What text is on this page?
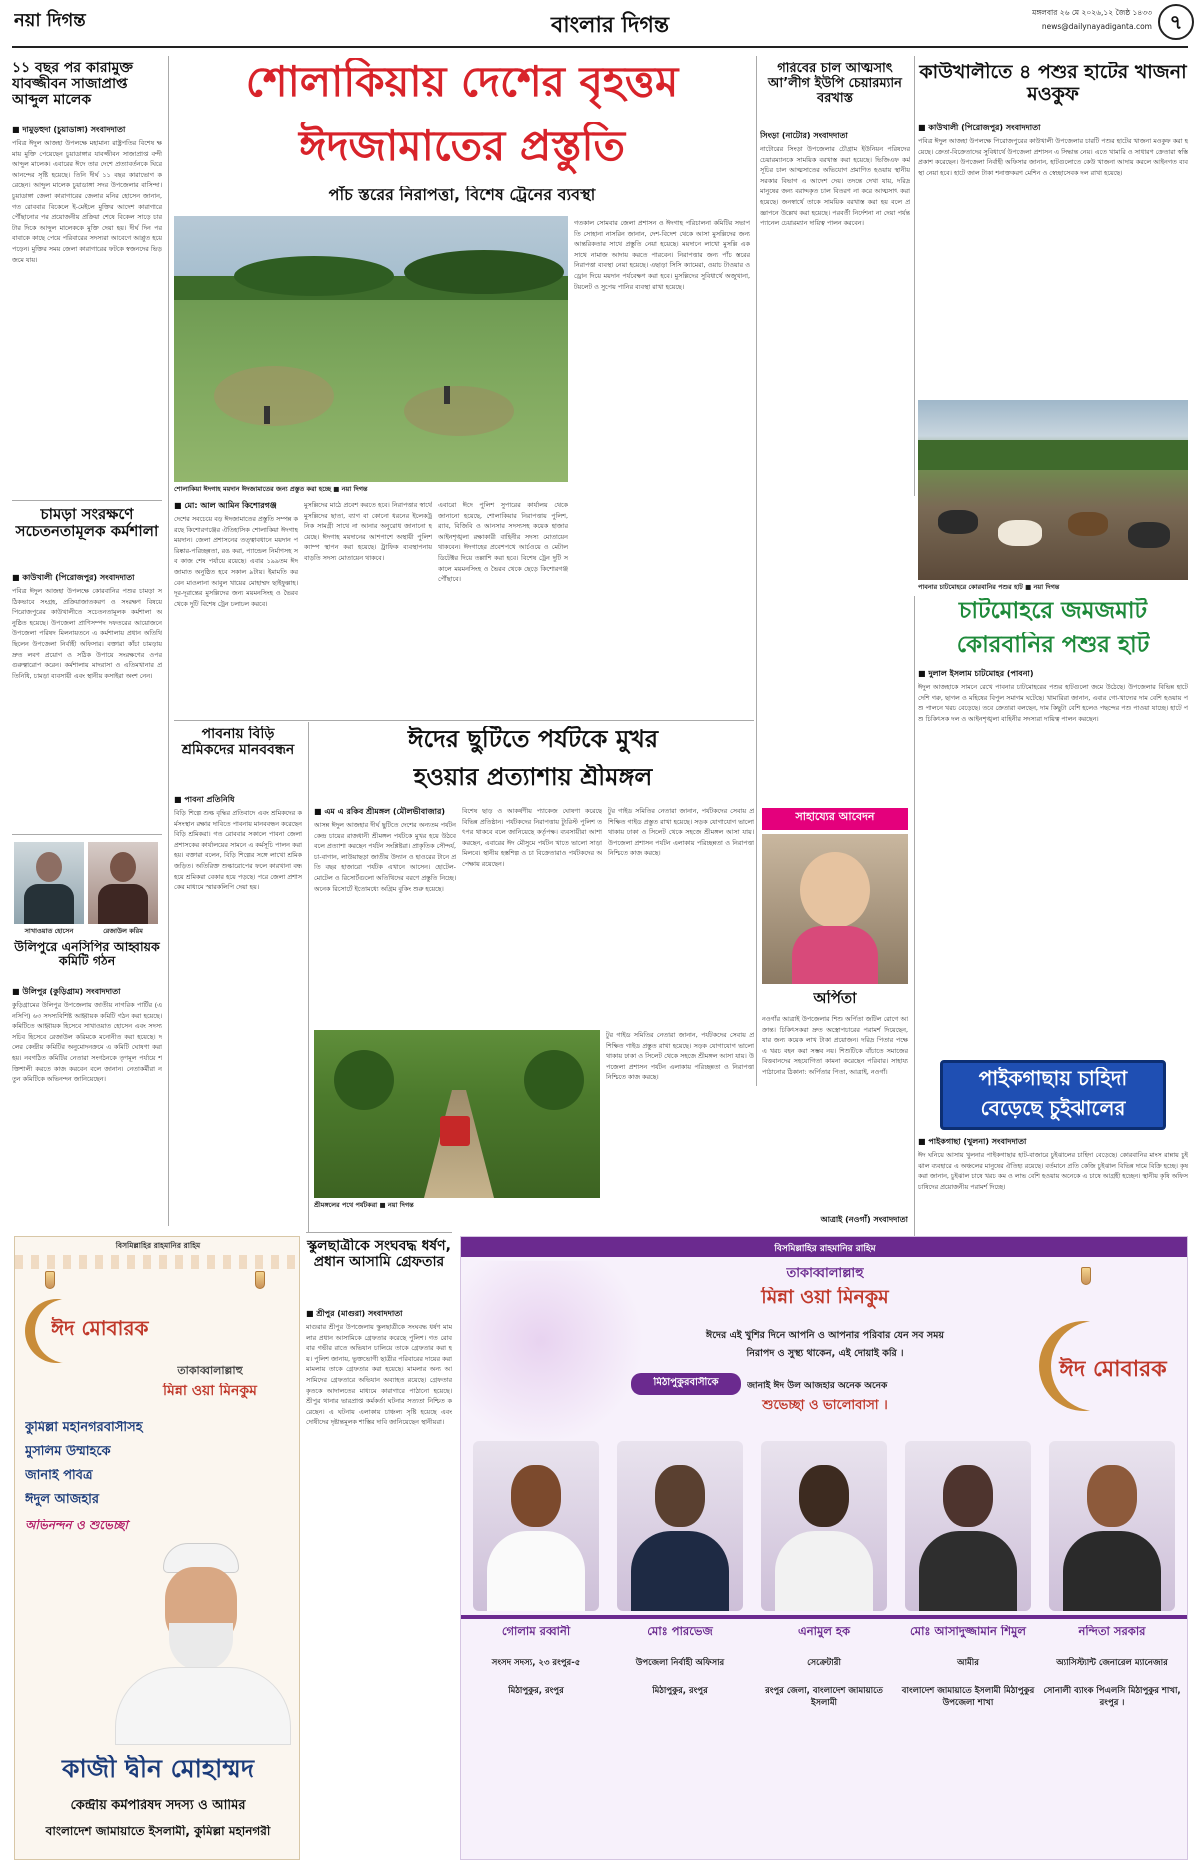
নয়া দিগন্ত	বাংলার দিগন্ত
মঙ্গলবার ২৬ মে ২০২৬,১২ জৈষ্ঠ ১৪৩৩
news@dailynayadiganta.com ৭
১১ বছর পর কারামুক্ত যাবজ্জীবন সাজাপ্রাপ্ত আব্দুল মালেক
■ দামুড়হুদা (চুয়াডাঙ্গা) সংবাদদাতা
পবিত্র ঈদুল আজহা উপলক্ষে মহামান্য রাষ্ট্রপতির বিশেষ ক্ষমায় মুক্তি পেয়েছেন চুয়াডাঙ্গার যাবজ্জীবন সাজাপ্রাপ্ত বন্দী আব্দুল মালেক। এবারের ঈদে তার দেশে প্রত্যাবর্তনকে ঘিরে আনন্দের সৃষ্টি হয়েছে। তিনি দীর্ঘ ১১ বছর কারাভোগ করেছেন। আব্দুল মালেক চুয়াডাঙ্গা সদর উপজেলার বাসিন্দা। চুয়াডাঙ্গা জেলা কারাগারের জেলার মনির হোসেন জানান, গত রোববার বিকেলে ই-মেইলে মুক্তির আদেশ কারাগারে পৌঁছানোর পর প্রয়োজনীয় প্রক্রিয়া শেষে বিকেল সাড়ে চারটার দিকে আব্দুল মালেককে মুক্তি দেয়া হয়। দীর্ঘ দিন পর বাবাকে কাছে পেয়ে পরিবারের সদস্যরা আবেগে আপ্লুত হয়ে পড়েন। মুক্তির সময় জেলা কারাগারের ফটকে স্বজনদের ভিড় জমে যায়।
চামড়া সংরক্ষণে সচেতনতামূলক কর্মশালা
■ কাউখালী (পিরোজপুর) সংবাদদাতা
পবিত্র ঈদুল আজহা উপলক্ষে কোরবানির পশুর চামড়া সঠিকভাবে সংগ্রহ, প্রক্রিয়াজাতকরণ ও সংরক্ষণ বিষয়ে পিরোজপুরের কাউখালীতে সচেতনতামূলক কর্মশালা অনুষ্ঠিত হয়েছে। উপজেলা প্রাণিসম্পদ দফতরের আয়োজনে উপজেলা পরিষদ মিলনায়তনে এ কর্মশালায় প্রধান অতিথি ছিলেন উপজেলা নির্বাহী অফিসার। বক্তারা কাঁচা চামড়ায় দ্রুত লবণ প্রয়োগ ও সঠিক উপায়ে সংরক্ষণের ওপর গুরুত্বারোপ করেন। কর্মশালায় মাদরাসা ও এতিমখানার প্রতিনিধি, চামড়া ব্যবসায়ী এবং স্থানীয় কসাইরা অংশ নেন।
সাখাওয়াত হোসেন	রেজাউল করিম
উলিপুরে এনসিপির আহ্বায়ক কমিটি গঠন
■ উলিপুর (কুড়িগ্রাম) সংবাদদাতা
কুড়িগ্রামের উলিপুর উপজেলায় জাতীয় নাগরিক পার্টির (এনসিপি) ৬৩ সদস্যবিশিষ্ট আহ্বায়ক কমিটি গঠন করা হয়েছে। কমিটিতে আহ্বায়ক হিসেবে সাখাওয়াত হোসেন এবং সদস্য সচিব হিসেবে রেজাউল করিমকে মনোনীত করা হয়েছে। দলের কেন্দ্রীয় কমিটির অনুমোদনক্রমে এ কমিটি ঘোষণা করা হয়। নবগঠিত কমিটির নেতারা সংগঠনকে তৃণমূল পর্যায়ে শক্তিশালী করতে কাজ করবেন বলে জানান। নেতাকর্মীরা নতুন কমিটিকে অভিনন্দন জানিয়েছেন।
শোলাকিয়ায় দেশের বৃহত্তম
ঈদজামাতের প্রস্তুতি
পাঁচ স্তরের নিরাপত্তা, বিশেষ ট্রেনের ব্যবস্থা
শোলাকিয়া ঈদগাহ ময়দান ঈদজামাতের জন্য প্রস্তুত করা হচ্ছে ■ নয়া দিগন্ত
গতকাল সোমবার জেলা প্রশাসন ও ঈদগাহ পরিচালনা কমিটির সভাপতি সোহানা নাসরিন জানান, দেশ-বিদেশ থেকে আসা মুসল্লিদের জন্য আন্তরিকতার সাথে প্রস্তুতি নেয়া হয়েছে। ময়দানে লাখো মুসল্লি একসাথে নামাজ আদায় করতে পারবেন। নিরাপত্তার জন্য পাঁচ স্তরের নিরাপত্তা ব্যবস্থা নেয়া হয়েছে। এছাড়া সিসি ক্যামেরা, ওয়াচ টাওয়ার ও ড্রোন দিয়ে ময়দান পর্যবেক্ষণ করা হবে। মুসল্লিদের সুবিধার্থে অজুখানা, টয়লেট ও সুপেয় পানির ব্যবস্থা রাখা হয়েছে।
■ মো: আল আমিন কিশোরগঞ্জ
দেশের সবচেয়ে বড় ঈদজামাতের প্রস্তুতি সম্পন্ন করছে কিশোরগঞ্জের ঐতিহাসিক শোলাকিয়া ঈদগাহ ময়দান। জেলা প্রশাসনের তত্ত্বাবধানে ময়দান পরিষ্কার-পরিচ্ছন্নতা, রঙ করা, প্যান্ডেল নির্মাণসহ সব কাজ শেষ পর্যায়ে রয়েছে। এবার ১৯৯তম ঈদজামাত অনুষ্ঠিত হবে সকাল ৯টায়। ইমামতি করবেন মাওলানা আবুল খায়ের মোহাম্মদ ছাইফুল্লাহ। দূর-দূরান্তের মুসল্লিদের জন্য ময়মনসিংহ ও ভৈরব থেকে দুটি বিশেষ ট্রেন চলাচল করবে।
মুসল্লিদের মাঠে প্রবেশ করতে হবে। নিরাপত্তার স্বার্থে মুসল্লিদের ছাতা, ব্যাগ বা কোনো ধরনের ইলেকট্রনিক সামগ্রী সাথে না আনার অনুরোধ জানানো হয়েছে। ঈদগাহ ময়দানের আশপাশে অস্থায়ী পুলিশ ক্যাম্প স্থাপন করা হয়েছে। ট্রাফিক ব্যবস্থাপনায় বাড়তি সদস্য মোতায়েন থাকবে।
এবারো ঈদে পুলিশ সুপারের কার্যালয় থেকে জানানো হয়েছে, শোলাকিয়ার নিরাপত্তায় পুলিশ, র‍্যাব, বিজিবি ও আনসার সদস্যসহ কয়েক হাজার আইনশৃঙ্খলা রক্ষাকারী বাহিনীর সদস্য মোতায়েন থাকবেন। ঈদগাহের প্রবেশপথে আর্চওয়ে ও মেটাল ডিটেক্টর দিয়ে তল্লাশি করা হবে। বিশেষ ট্রেন দুটি সকালে ময়মনসিংহ ও ভৈরব থেকে ছেড়ে কিশোরগঞ্জ পৌঁছাবে।
গরিবের চাল আত্মসাৎ আ’লীগ ইউপি চেয়ারম্যান বরখাস্ত
সিংড়া (নাটোর) সংবাদদাতা
নাটোরের সিংড়া উপজেলার চৌগ্রাম ইউনিয়ন পরিষদের চেয়ারম্যানকে সাময়িক বরখাস্ত করা হয়েছে। ভিজিএফ কর্মসূচির চাল আত্মসাতের অভিযোগ প্রমাণিত হওয়ায় স্থানীয় সরকার বিভাগ এ আদেশ দেয়। তদন্তে দেখা যায়, দরিদ্র মানুষের জন্য বরাদ্দকৃত চাল বিতরণ না করে আত্মসাৎ করা হয়েছে। জনস্বার্থে তাকে সাময়িক বরখাস্ত করা হয় বলে প্রজ্ঞাপনে উল্লেখ করা হয়েছে। পরবর্তী নির্দেশনা না দেয়া পর্যন্ত প্যানেল চেয়ারম্যান দায়িত্ব পালন করবেন।
কাউখালীতে ৪ পশুর হাটের খাজনা মওকুফ
■ কাউখালী (পিরোজপুর) সংবাদদাতা
পবিত্র ঈদুল আজহা উপলক্ষে পিরোজপুরের কাউখালী উপজেলার চারটি পশুর হাটের খাজনা মওকুফ করা হয়েছে। ক্রেতা-বিক্রেতাদের সুবিধার্থে উপজেলা প্রশাসন এ সিদ্ধান্ত নেয়। এতে খামারি ও সাধারণ ক্রেতারা স্বস্তি প্রকাশ করেছেন। উপজেলা নির্বাহী অফিসার জানান, হাটগুলোতে কেউ খাজনা আদায় করলে আইনগত ব্যবস্থা নেয়া হবে। হাটে জাল টাকা শনাক্তকরণ মেশিন ও স্বেচ্ছাসেবক দল রাখা হয়েছে।
পাবনার চাটমোহরে কোরবানির পশুর হাট ■ নয়া দিগন্ত
চাটমোহরে জমজমাট
কোরবানির পশুর হাট
■ দুলাল ইসলাম চাটমোহর (পাবনা)
ঈদুল আজহাকে সামনে রেখে পাবনার চাটমোহরের পশুর হাটগুলো জমে উঠেছে। উপজেলার বিভিন্ন হাটে দেশি গরু, ছাগল ও মহিষের বিপুল সমাগম ঘটেছে। খামারিরা জানান, এবার গো-খাদ্যের দাম বেশি হওয়ায় পশু পালনে খরচ বেড়েছে। তবে ক্রেতারা বলছেন, দাম কিছুটা বেশি হলেও পছন্দের পশু পাওয়া যাচ্ছে। হাটে পশু চিকিৎসক দল ও আইনশৃঙ্খলা বাহিনীর সদস্যরা দায়িত্ব পালন করছেন।
পাইকগাছায় চাহিদা
বেড়েছে চুইঝালের
■ পাইকগাছা (খুলনা) সংবাদদাতা
ঈদ ঘনিয়ে আসায় খুলনার পাইকগাছার হাট-বাজারে চুইঝালের চাহিদা বেড়েছে। কোরবানির মাংস রান্নায় চুইঝাল ব্যবহারে এ অঞ্চলের মানুষের ঐতিহ্য রয়েছে। বর্তমানে প্রতি কেজি চুইঝাল বিভিন্ন দামে বিক্রি হচ্ছে। কৃষকরা জানান, চুইঝাল চাষে খরচ কম ও লাভ বেশি হওয়ায় অনেকে এ চাষে আগ্রহী হচ্ছেন। স্থানীয় কৃষি অফিস চাষিদের প্রয়োজনীয় পরামর্শ দিচ্ছে।
পাবনায় বিড়ি শ্রমিকদের মানববন্ধন
■ পাবনা প্রতিনিধি
বিড়ি শিল্পে শুল্ক বৃদ্ধির প্রতিবাদে এবং শ্রমিকদের কর্মসংস্থান রক্ষার দাবিতে পাবনায় মানববন্ধন করেছেন বিড়ি শ্রমিকরা। গত রোববার সকালে পাবনা জেলা প্রশাসকের কার্যালয়ের সামনে এ কর্মসূচি পালন করা হয়। বক্তারা বলেন, বিড়ি শিল্পের সঙ্গে লাখো শ্রমিক জড়িত। অতিরিক্ত শুল্কারোপের ফলে কারখানা বন্ধ হয়ে শ্রমিকরা বেকার হয়ে পড়ছে। পরে জেলা প্রশাসকের মাধ্যমে স্মারকলিপি দেয়া হয়।
ঈদের ছুটিতে পর্যটকে মুখর
হওয়ার প্রত্যাশায় শ্রীমঙ্গল
■ এম এ রকিব শ্রীমঙ্গল (মৌলভীবাজার)
আসন্ন ঈদুল আজহার দীর্ঘ ছুটিতে দেশের অন্যতম পর্যটনকেন্দ্র চায়ের রাজধানী শ্রীমঙ্গল পর্যটকে মুখর হয়ে উঠবে বলে প্রত্যাশা করছেন পর্যটন সংশ্লিষ্টরা। প্রাকৃতিক সৌন্দর্য, চা-বাগান, লাউয়াছড়া জাতীয় উদ্যান ও হাওরের টানে প্রতি বছর হাজারো পর্যটক এখানে আসেন। হোটেল-মোটেল ও রিসোর্টগুলো অতিথিদের বরণে প্রস্তুতি নিচ্ছে। অনেক রিসোর্টে ইতোমধ্যে অগ্রিম বুকিং শুরু হয়েছে।
বিশেষ ছাড় ও আকর্ষণীয় প্যাকেজ ঘোষণা করেছে বিভিন্ন প্রতিষ্ঠান। পর্যটকদের নিরাপত্তায় ট্যুরিস্ট পুলিশ তৎপর থাকবে বলে জানিয়েছে কর্তৃপক্ষ। ব্যবসায়ীরা আশা করছেন, এবারের ঈদ মৌসুমে পর্যটন খাতে ভালো সাড়া মিলবে। স্থানীয় হস্তশিল্প ও চা বিক্রেতারাও পর্যটকদের অপেক্ষায় রয়েছেন।
টুর গাইড সমিতির নেতারা জানান, পর্যটকদের সেবায় প্রশিক্ষিত গাইড প্রস্তুত রাখা হয়েছে। সড়ক যোগাযোগ ভালো থাকায় ঢাকা ও সিলেট থেকে সহজে শ্রীমঙ্গল আসা যায়। উপজেলা প্রশাসন পর্যটন এলাকায় পরিচ্ছন্নতা ও নিরাপত্তা নিশ্চিতে কাজ করছে।
শ্রীমঙ্গলের পথে পর্যটকরা ■ নয়া দিগন্ত
টুর গাইড সমিতির নেতারা জানান, পর্যটকদের সেবায় প্রশিক্ষিত গাইড প্রস্তুত রাখা হয়েছে। সড়ক যোগাযোগ ভালো থাকায় ঢাকা ও সিলেট থেকে সহজে শ্রীমঙ্গল আসা যায়। উপজেলা প্রশাসন পর্যটন এলাকায় পরিচ্ছন্নতা ও নিরাপত্তা নিশ্চিতে কাজ করছে।
সাহায্যের আবেদন
অর্পিতা
নওগাঁর আত্রাই উপজেলার শিশু অর্পিতা জটিল রোগে আক্রান্ত। চিকিৎসকরা দ্রুত অস্ত্রোপচারের পরামর্শ দিয়েছেন, যার জন্য কয়েক লাখ টাকা প্রয়োজন। দরিদ্র পিতার পক্ষে এ খরচ বহন করা সম্ভব নয়। শিশুটিকে বাঁচাতে সমাজের বিত্তবানদের সহযোগিতা কামনা করেছেন পরিবার। সাহায্য পাঠানোর ঠিকানা: অর্পিতার পিতা, আত্রাই, নওগাঁ।
আত্রাই (নওগাঁ) সংবাদদাতা
বিসমিল্লাহির রাহমানির রাহিম
ঈদ মোবারক
তাকাব্বালাল্লাহু
মিন্না ওয়া মিনকুম
কুমিল্লা মহানগরবাসীসহ
মুসলিম উম্মাহকে
জানাই পবিত্র
ঈদুল আজহার
অভিনন্দন ও শুভেচ্ছা
কাজী দ্বীন মোহাম্মদ
কেন্দ্রীয় কর্মপরিষদ সদস্য ও আমির
বাংলাদেশ জামায়াতে ইসলামী, কুমিল্লা মহানগরী
স্কুলছাত্রীকে সংঘবদ্ধ ধর্ষণ, প্রধান আসামি গ্রেফতার
■ শ্রীপুর (মাগুরা) সংবাদদাতা
মাগুরার শ্রীপুর উপজেলায় স্কুলছাত্রীকে সংঘবদ্ধ ধর্ষণ মামলার প্রধান আসামিকে গ্রেফতার করেছে পুলিশ। গত রোববার গভীর রাতে অভিযান চালিয়ে তাকে গ্রেফতার করা হয়। পুলিশ জানায়, ভুক্তভোগী ছাত্রীর পরিবারের দায়ের করা মামলায় তাকে গ্রেফতার করা হয়েছে। মামলার অন্য আসামিদের গ্রেফতারে অভিযান অব্যাহত রয়েছে। গ্রেফতারকৃতকে আদালতের মাধ্যমে কারাগারে পাঠানো হয়েছে। শ্রীপুর থানার ভারপ্রাপ্ত কর্মকর্তা ঘটনার সত্যতা নিশ্চিত করেছেন। এ ঘটনায় এলাকায় চাঞ্চল্য সৃষ্টি হয়েছে এবং দোষীদের দৃষ্টান্তমূলক শাস্তির দাবি জানিয়েছেন স্থানীয়রা।
বিসমিল্লাহির রাহমানির রাহিম
তাকাব্বালাল্লাহু
মিন্না ওয়া মিনকুম
ঈদের এই খুশির দিনে আপনি ও আপনার পরিবার যেন সব সময়
নিরাপদ ও সুস্থ্য থাকেন, এই দোয়াই করি ।
মিঠাপুকুরবাসীকে	জানাই ঈদ উল আজহার অনেক অনেক
শুভেচ্ছা ও ভালোবাসা ।
ঈদ মোবারক
গোলাম রব্বানী
সংসদ সদস্য, ২৩ রংপুর-৫
মিঠাপুকুর, রংপুর
মোঃ পারভেজ
উপজেলা নির্বাহী অফিসার
মিঠাপুকুর, রংপুর
এনামুল হক
সেক্রেটারী
রংপুর জেলা, বাংলাদেশ জামায়াতে ইসলামী
মোঃ আসাদুজ্জামান শিমুল
আমীর
বাংলাদেশ জামায়াতে ইসলামী মিঠাপুকুর উপজেলা শাখা
নন্দিতা সরকার
অ্যাসিস্ট্যান্ট জেনারেল ম্যানেজার
সোনালী ব্যাংক পিএলসি মিঠাপুকুর শাখা, রংপুর ।
